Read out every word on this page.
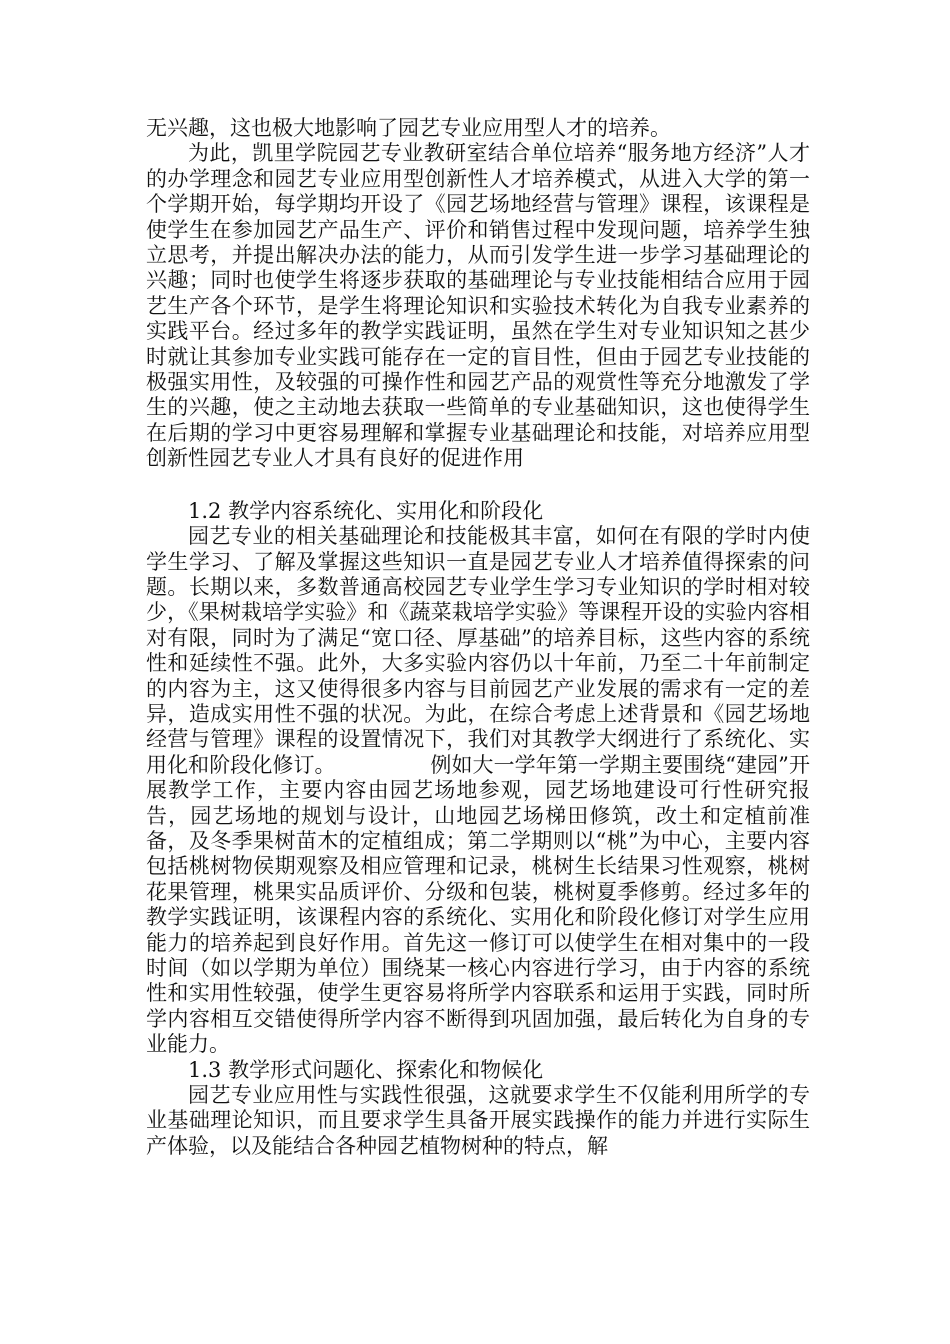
无兴趣，这也极大地影响了园艺专业应用型人才的培养。

为此，凯里学院园艺专业教研室结合单位培养“服务地方经济”人才的办学理念和园艺专业应用型创新性人才培养模式，从进入大学的第一个学期开始，每学期均开设了《园艺场地经营与管理》课程，该课程是使学生在参加园艺产品生产、评价和销售过程中发现问题，培养学生独立思考，并提出解决办法的能力，从而引发学生进一步学习基础理论的兴趣；同时也使学生将逐步获取的基础理论与专业技能相结合应用于园艺生产各个环节，是学生将理论知识和实验技术转化为自我专业素养的实践平台。经过多年的教学实践证明，虽然在学生对专业知识知之甚少时就让其参加专业实践可能存在一定的盲目性，但由于园艺专业技能的极强实用性，及较强的可操作性和园艺产品的观赏性等充分地激发了学生的兴趣，使之主动地去获取一些简单的专业基础知识，这也使得学生在后期的学习中更容易理解和掌握专业基础理论和技能，对培养应用型创新性园艺专业人才具有良好的促进作用

1.2 教学内容系统化、实用化和阶段化

园艺专业的相关基础理论和技能极其丰富，如何在有限的学时内使学生学习、了解及掌握这些知识一直是园艺专业人才培养值得探索的问题。长期以来，多数普通高校园艺专业学生学习专业知识的学时相对较少，《果树栽培学实验》和《蔬菜栽培学实验》等课程开设的实验内容相对有限，同时为了满足“宽口径、厚基础”的培养目标，这些内容的系统性和延续性不强。此外，大多实验内容仍以十年前，乃至二十年前制定的内容为主，这又使得很多内容与目前园艺产业发展的需求有一定的差异，造成实用性不强的状况。为此，在综合考虑上述背景和《园艺场地经营与管理》课程的设置情况下，我们对其教学大纲进行了系统化、实用化和阶段化修订。　　　　　例如大一学年第一学期主要围绕“建园”开展教学工作，主要内容由园艺场地参观，园艺场地建设可行性研究报告，园艺场地的规划与设计，山地园艺场梯田修筑，改土和定植前准备，及冬季果树苗木的定植组成；第二学期则以“桃”为中心，主要内容包括桃树物侯期观察及相应管理和记录，桃树生长结果习性观察，桃树花果管理，桃果实品质评价、分级和包装，桃树夏季修剪。经过多年的教学实践证明，该课程内容的系统化、实用化和阶段化修订对学生应用能力的培养起到良好作用。首先这一修订可以使学生在相对集中的一段时间（如以学期为单位）围绕某一核心内容进行学习，由于内容的系统性和实用性较强，使学生更容易将所学内容联系和运用于实践，同时所学内容相互交错使得所学内容不断得到巩固加强，最后转化为自身的专业能力。

1.3 教学形式问题化、探索化和物候化

园艺专业应用性与实践性很强，这就要求学生不仅能利用所学的专业基础理论知识，而且要求学生具备开展实践操作的能力并进行实际生产体验，以及能结合各种园艺植物树种的特点，解
